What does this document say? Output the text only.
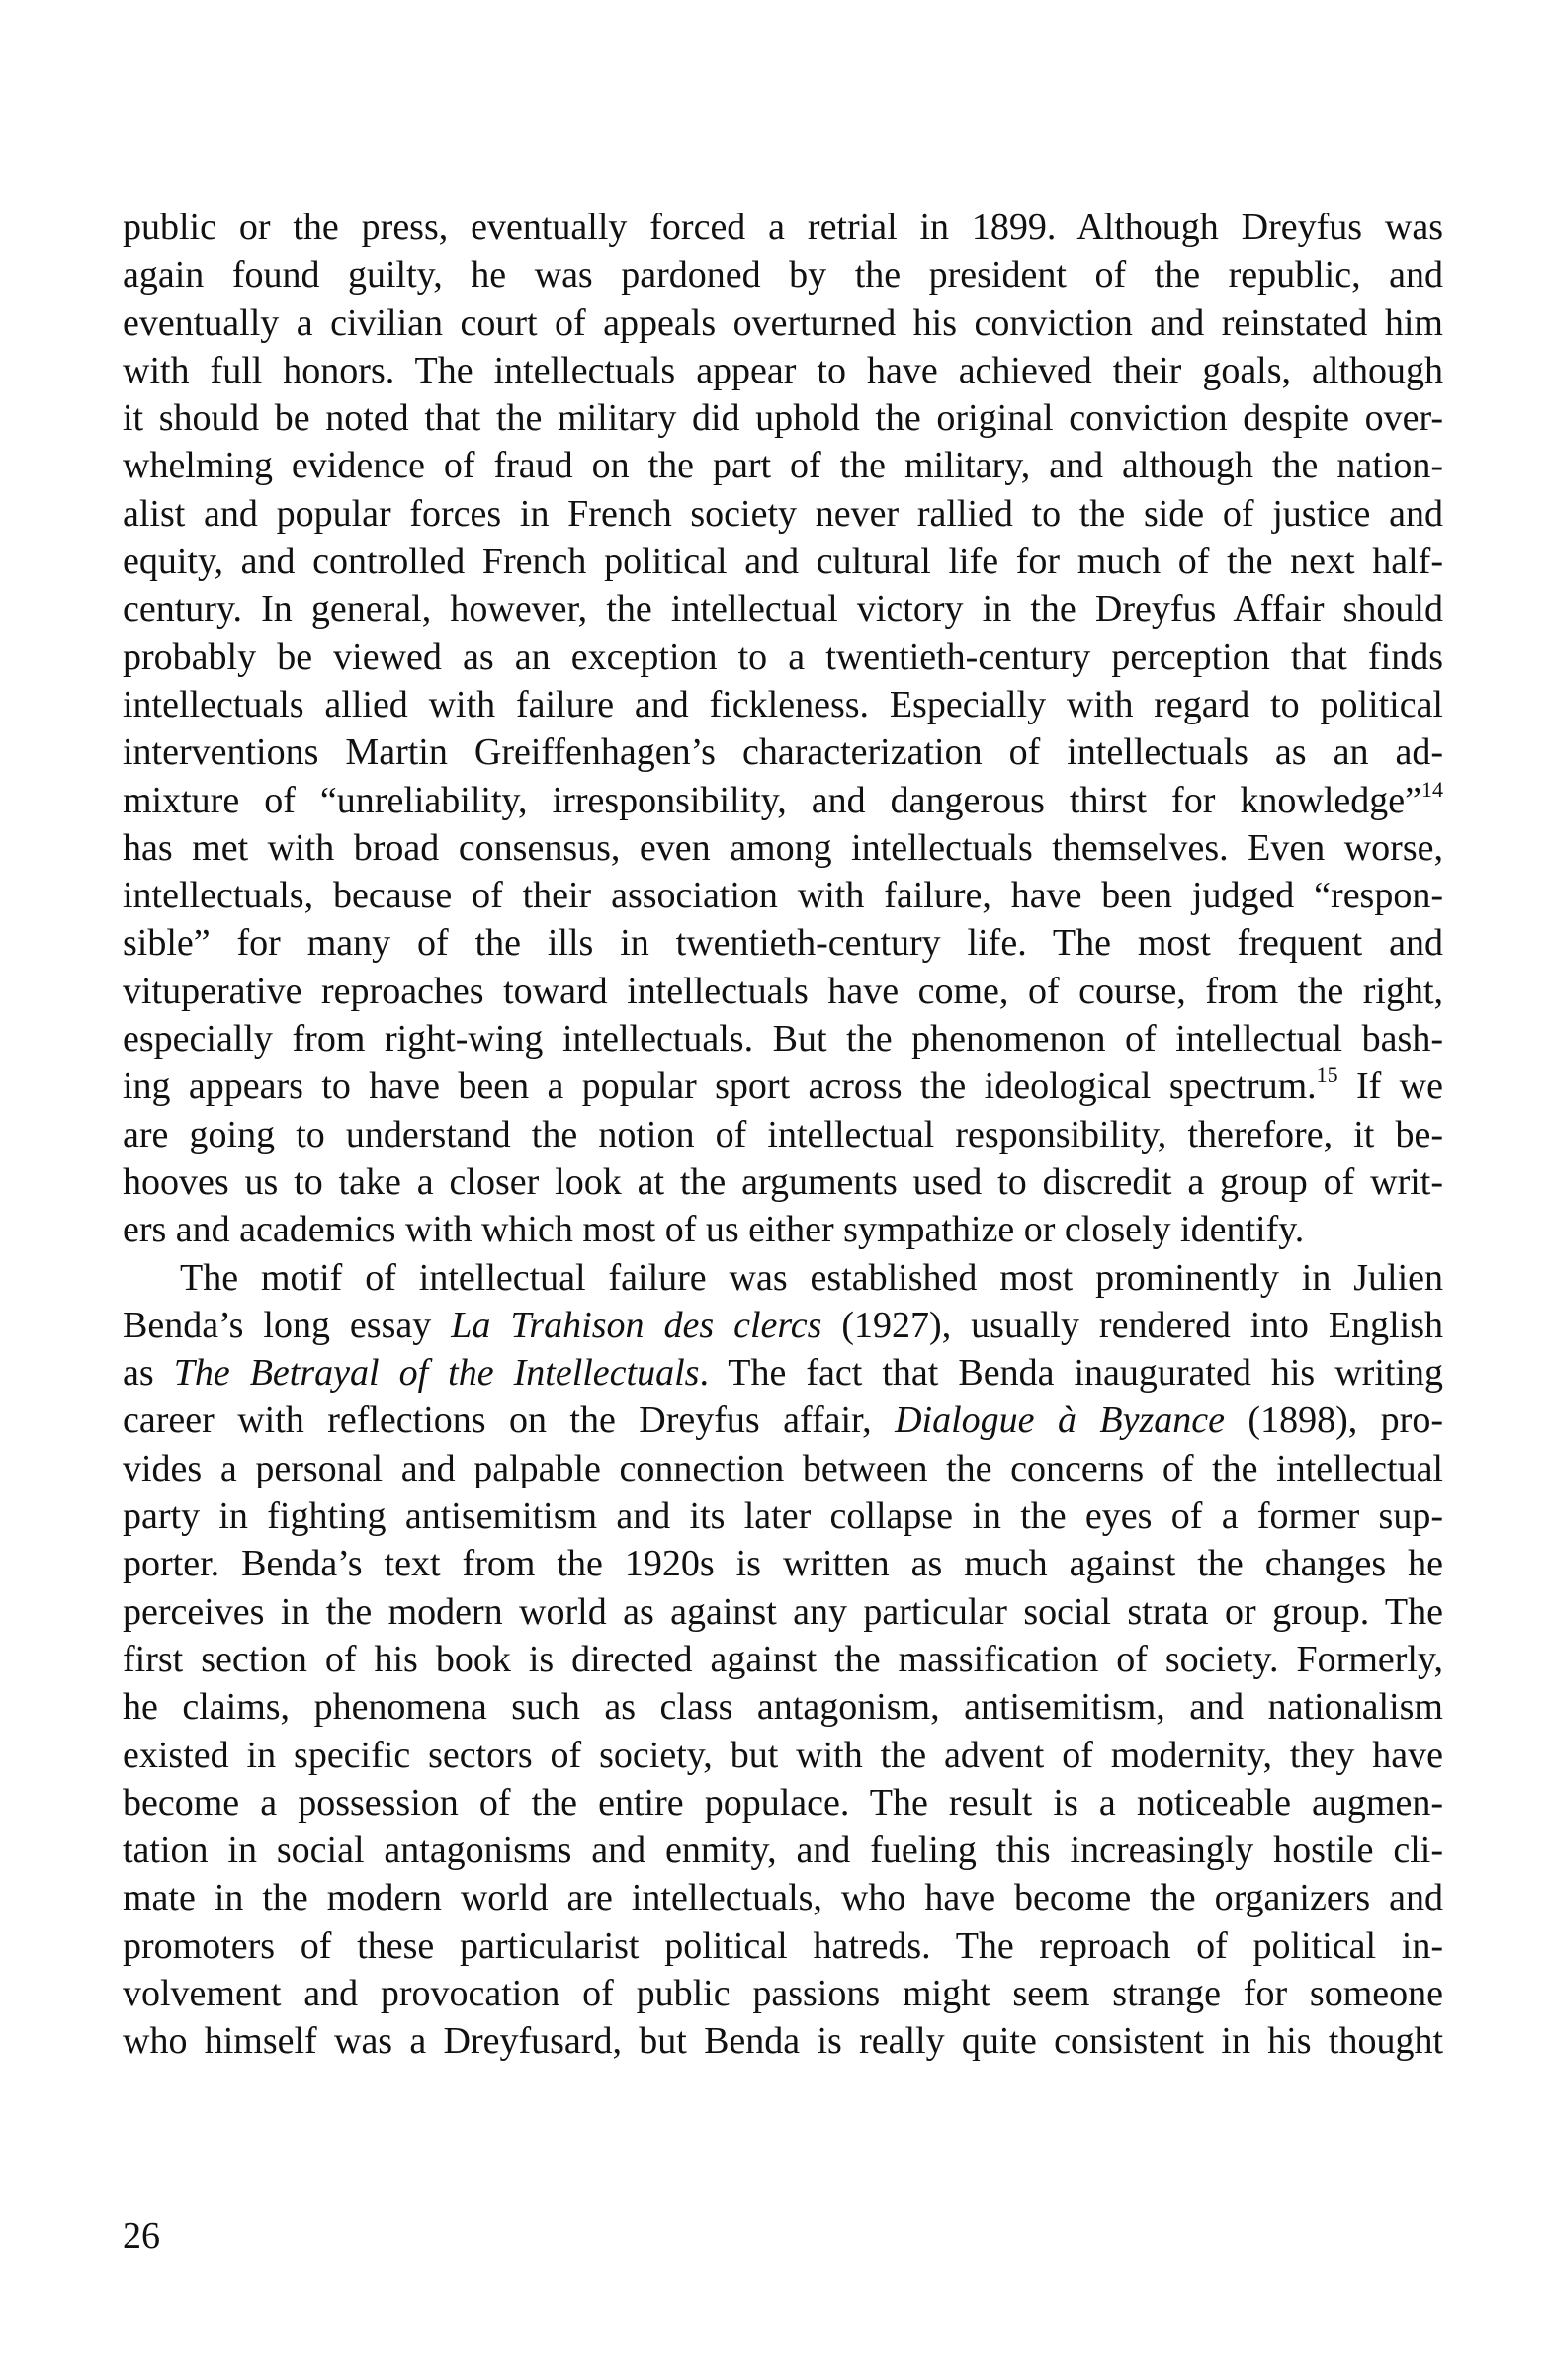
public or the press, eventually forced a retrial in 1899. Although Dreyfus was
again found guilty, he was pardoned by the president of the republic, and
eventually a civilian court of appeals overturned his conviction and reinstated him
with full honors. The intellectuals appear to have achieved their goals, although
it should be noted that the military did uphold the original conviction despite over-
whelming evidence of fraud on the part of the military, and although the nation-
alist and popular forces in French society never rallied to the side of justice and
equity, and controlled French political and cultural life for much of the next half-
century. In general, however, the intellectual victory in the Dreyfus Affair should
probably be viewed as an exception to a twentieth-century perception that finds
intellectuals allied with failure and fickleness. Especially with regard to political
interventions Martin Greiffenhagen’s characterization of intellectuals as an ad-
mixture of “unreliability, irresponsibility, and dangerous thirst for knowledge”$^{14}$
has met with broad consensus, even among intellectuals themselves. Even worse,
intellectuals, because of their association with failure, have been judged “respon-
sible” for many of the ills in twentieth-century life. The most frequent and
vituperative reproaches toward intellectuals have come, of course, from the right,
especially from right-wing intellectuals. But the phenomenon of intellectual bash-
ing appears to have been a popular sport across the ideological spectrum.$^{15}$ If we
are going to understand the notion of intellectual responsibility, therefore, it be-
hooves us to take a closer look at the arguments used to discredit a group of writ-
ers and academics with which most of us either sympathize or closely identify.
The motif of intellectual failure was established most prominently in Julien
Benda’s long essay La Trahison des clercs (1927), usually rendered into English
as The Betrayal of the Intellectuals. The fact that Benda inaugurated his writing
career with reflections on the Dreyfus affair, Dialogue à Byzance (1898), pro-
vides a personal and palpable connection between the concerns of the intellectual
party in fighting antisemitism and its later collapse in the eyes of a former sup-
porter. Benda’s text from the 1920s is written as much against the changes he
perceives in the modern world as against any particular social strata or group. The
first section of his book is directed against the massification of society. Formerly,
he claims, phenomena such as class antagonism, antisemitism, and nationalism
existed in specific sectors of society, but with the advent of modernity, they have
become a possession of the entire populace. The result is a noticeable augmen-
tation in social antagonisms and enmity, and fueling this increasingly hostile cli-
mate in the modern world are intellectuals, who have become the organizers and
promoters of these particularist political hatreds. The reproach of political in-
volvement and provocation of public passions might seem strange for someone
who himself was a Dreyfusard, but Benda is really quite consistent in his thought
26
